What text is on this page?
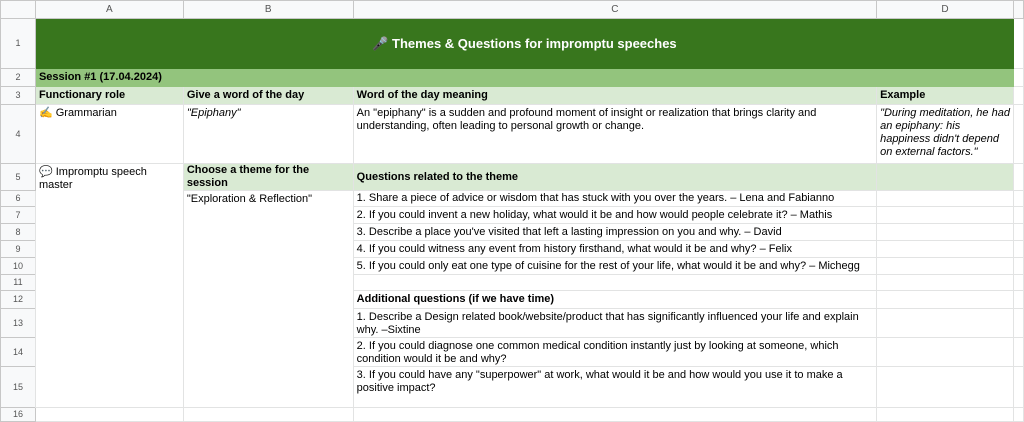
	A	B	C	D	
1	🎤 Themes & Questions for impromptu speeches				
2	Session #1 (17.04.2024)				
3	Functionary role	Give a word of the day	Word of the day meaning	Example	
4	✍️ Grammarian	"Epiphany"	An "epiphany" is a sudden and profound moment of insight or realization that brings clarity and understanding, often leading to personal growth or change.	"During meditation, he had an epiphany: his happiness didn't depend on external factors."	
5	💬 Impromptu speech master	Choose a theme for the session	Questions related to the theme		
6		"Exploration & Reflection"	1. Share a piece of advice or wisdom that has stuck with you over the years. – Lena and Fabianno		
7			2. If you could invent a new holiday, what would it be and how would people celebrate it? – Mathis		
8			3. Describe a place you've visited that left a lasting impression on you and why. – David		
9			4. If you could witness any event from history firsthand, what would it be and why? – Felix		
10			5. If you could only eat one type of cuisine for the rest of your life, what would it be and why? – Michegg		
11					
12			Additional questions (if we have time)		
13			1. Describe a Design related book/website/product that has significantly influenced your life and explain why. –Sixtine		
14			2. If you could diagnose one common medical condition instantly just by looking at someone, which condition would it be and why?		
15			3. If you could have any "superpower" at work, what would it be and how would you use it to make a positive impact?		
16					
